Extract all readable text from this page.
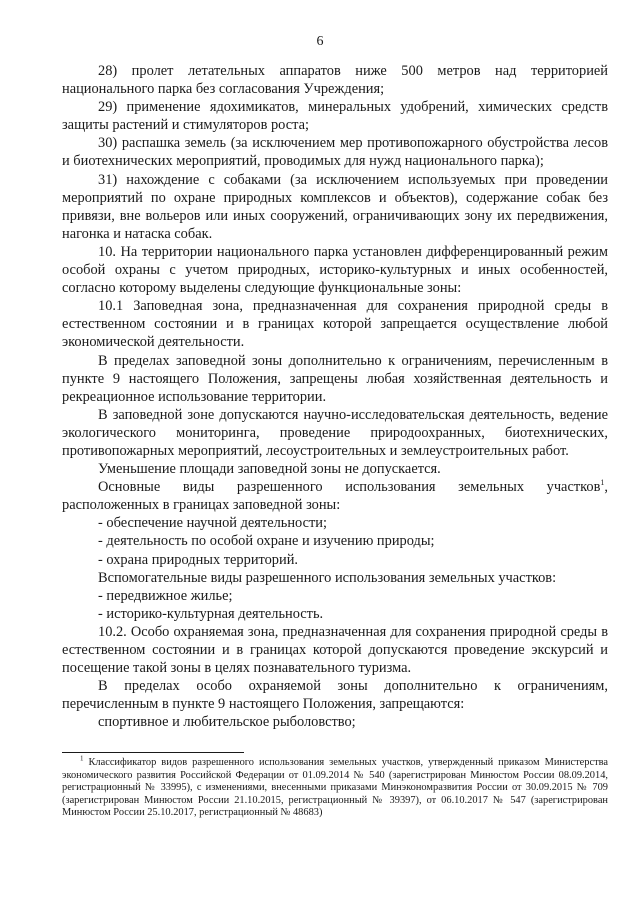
6

28) пролет летательных аппаратов ниже 500 метров над территорией национального парка без согласования Учреждения;

29) применение ядохимикатов, минеральных удобрений, химических средств защиты растений и стимуляторов роста;

30) распашка земель (за исключением мер противопожарного обустройства лесов и биотехнических мероприятий, проводимых для нужд национального парка);

31) нахождение с собаками (за исключением используемых при проведении мероприятий по охране природных комплексов и объектов), содержание собак без привязи, вне вольеров или иных сооружений, ограничивающих зону их передвижения, нагонка и натаска собак.

10. На территории национального парка установлен дифференцированный режим особой охраны с учетом природных, историко-культурных и иных особенностей, согласно которому выделены следующие функциональные зоны:

10.1 Заповедная зона, предназначенная для сохранения природной среды в естественном состоянии и в границах которой запрещается осуществление любой экономической деятельности.

В пределах заповедной зоны дополнительно к ограничениям, перечисленным в пункте 9 настоящего Положения, запрещены любая хозяйственная деятельность и рекреационное использование территории.

В заповедной зоне допускаются научно-исследовательская деятельность, ведение экологического мониторинга, проведение природоохранных, биотехнических, противопожарных мероприятий, лесоустроительных и землеустроительных работ.

Уменьшение площади заповедной зоны не допускается.

Основные виды разрешенного использования земельных участков$^1$, расположенных в границах заповедной зоны:

- обеспечение научной деятельности;

- деятельность по особой охране и изучению природы;

- охрана природных территорий.

Вспомогательные виды разрешенного использования земельных участков:

- передвижное жилье;

- историко-культурная деятельность.

10.2. Особо охраняемая зона, предназначенная для сохранения природной среды в естественном состоянии и в границах которой допускаются проведение экскурсий и посещение такой зоны в целях познавательного туризма.

В пределах особо охраняемой зоны дополнительно к ограничениям, перечисленным в пункте 9 настоящего Положения, запрещаются:

спортивное и любительское рыболовство;

$^1$ Классификатор видов разрешенного использования земельных участков, утвержденный приказом Министерства экономического развития Российской Федерации от 01.09.2014 № 540 (зарегистрирован Минюстом России 08.09.2014, регистрационный № 33995), с изменениями, внесенными приказами Минэкономразвития России от 30.09.2015 № 709 (зарегистрирован Минюстом России 21.10.2015, регистрационный № 39397), от 06.10.2017 № 547 (зарегистрирован Минюстом России 25.10.2017, регистрационный № 48683)
